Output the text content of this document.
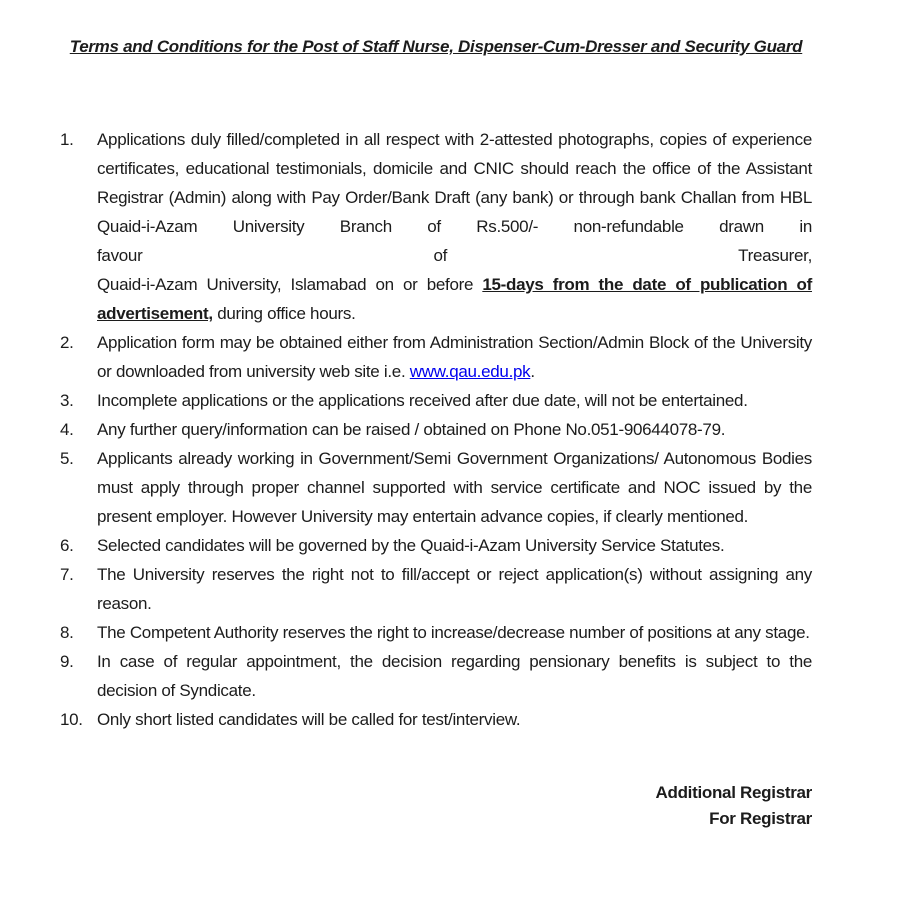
Terms and Conditions for the Post of Staff Nurse, Dispenser-Cum-Dresser and Security Guard
1.	Applications duly filled/completed in all respect with 2-attested photographs, copies of experience certificates, educational testimonials, domicile and CNIC should reach the office of the Assistant Registrar (Admin) along with Pay Order/Bank Draft (any bank) or through bank Challan from HBL Quaid-i-Azam University Branch of Rs.500/- non-refundable drawn in
favour	of	Treasurer,
Quaid-i-Azam University, Islamabad on or before 15-days from the date of publication of advertisement, during office hours.
2.	Application form may be obtained either from Administration Section/Admin Block of the University or downloaded from university web site i.e. www.qau.edu.pk.
3.	Incomplete applications or the applications received after due date, will not be entertained.
4.	Any further query/information can be raised / obtained on Phone No.051-90644078-79.
5.	Applicants already working in Government/Semi Government Organizations/ Autonomous Bodies must apply through proper channel supported with service certificate and NOC issued by the present employer. However University may entertain advance copies, if clearly mentioned.
6.	Selected candidates will be governed by the Quaid-i-Azam University Service Statutes.
7.	The University reserves the right not to fill/accept or reject application(s) without assigning any reason.
8.	The Competent Authority reserves the right to increase/decrease number of positions at any stage.
9.	In case of regular appointment, the decision regarding pensionary benefits is subject to the decision of Syndicate.
10. Only short listed candidates will be called for test/interview.
Additional Registrar
For Registrar
